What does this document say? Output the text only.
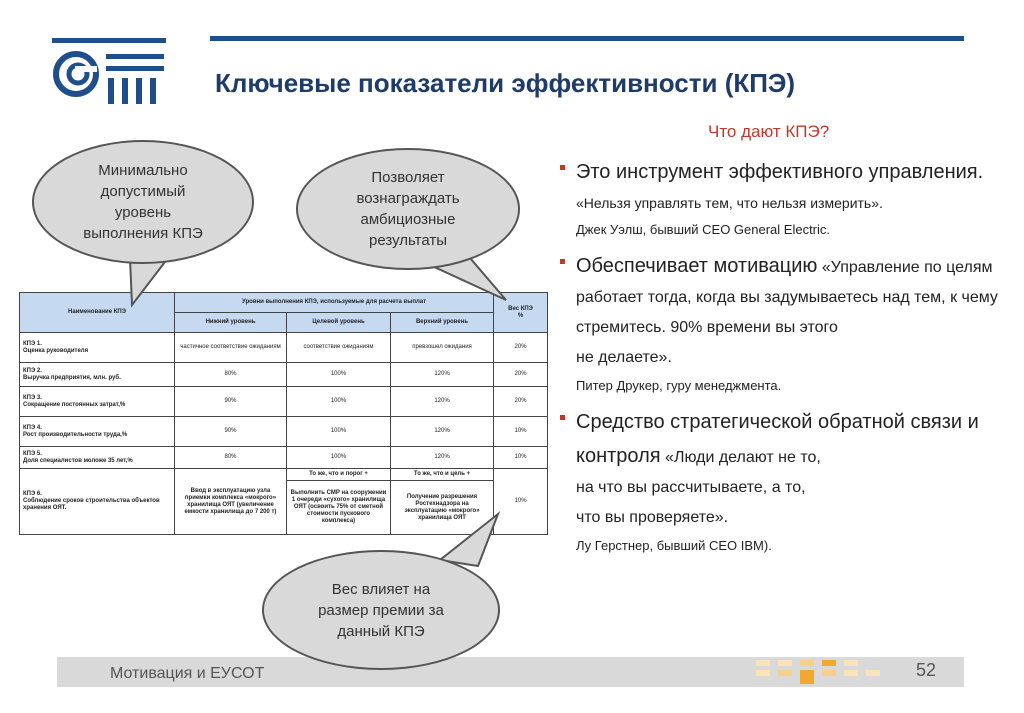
Ключевые показатели эффективности (КПЭ)
Что дают КПЭ?
Минимально
допустимый
уровень
выполнения КПЭ
Позволяет
вознаграждать
амбициозные
результаты
Вес влияет на
размер премии за
данный КПЭ
Наименование КПЭ	Уровни выполнения КПЭ, используемые для расчета выплат			Вес КПЭ
%
	Нижний уровень	Целевой уровень	Верхний уровень	
КПЭ 1.
Оценка руководителя	частичное соответствие ожиданиям	соответствие ожиданиям	превзошел ожидания	20%
КПЭ 2.
Выручка предприятия, млн. руб.	80%	100%	120%	20%
КПЭ 3.
Сокращение постоянных затрат,%	90%	100%	120%	20%
КПЭ 4.
Рост производительности труда,%	90%	100%	120%	10%
КПЭ 5.
Доля специалистов моложе 35 лет,%	80%	100%	120%	10%
КПЭ 6.
Соблюдение сроков строительства объектов хранения ОЯТ.	Ввод в эксплуатацию узла приемки комплекса «мокрого» хранилища ОЯТ (увеличение емкости хранилища до 7 200 т)	То же, что и порог +	То же, что и цель +	10%
		Выполнить СМР на сооружении 1 очереди «сухого» хранилища ОЯТ (освоить 75% от сметной стоимости пускового комплекса)	Получение разрешения Ростехнадзора на эксплуатацию «мокрого» хранилища ОЯТ	
Это инструмент эффективного управления.
«Нельзя управлять тем, что нельзя измерить».
Джек Уэлш, бывший CEO General Electric.
Обеспечивает мотивацию «Управление по целям работает тогда, когда вы задумываетесь над тем, к чему стремитесь. 90% времени вы этого
не делаете».
Питер Друкер, гуру менеджмента.
Средство стратегической обратной связи и контроля «Люди делают не то,
на что вы рассчитываете, а то,
что вы проверяете».
Лу Герстнер, бывший CEO IBM).
Мотивация и ЕУСОТ	52
